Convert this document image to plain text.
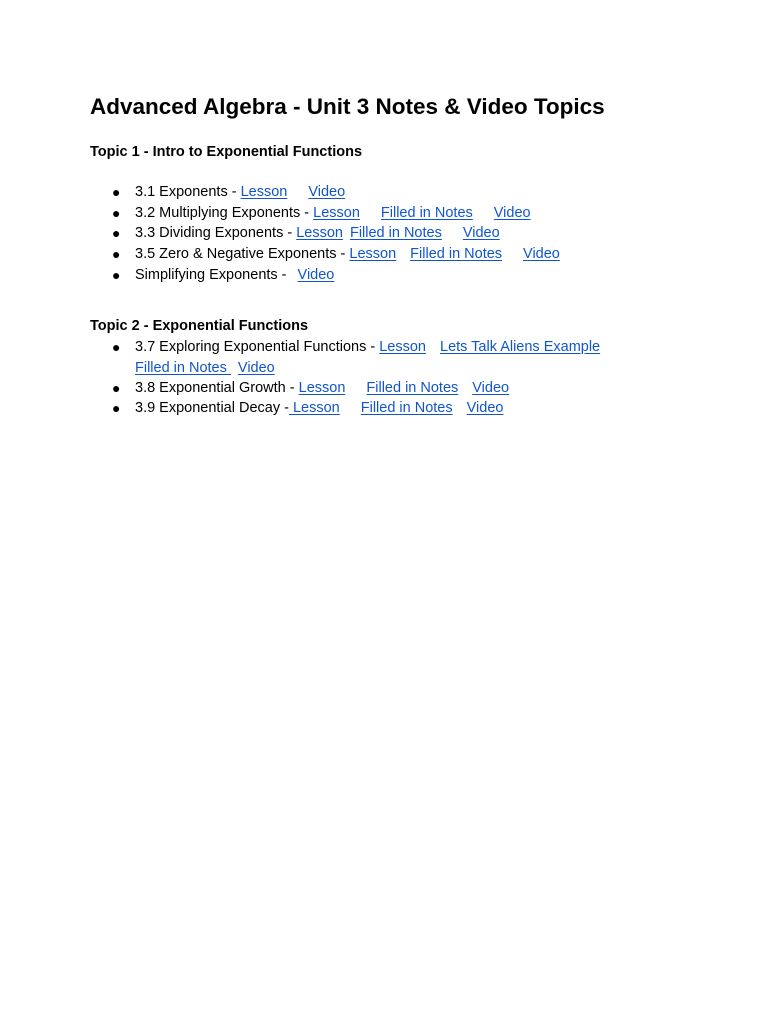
Advanced Algebra - Unit 3 Notes & Video Topics
Topic 1 - Intro to Exponential Functions
● 3.1 Exponents - Lesson Video
● 3.2 Multiplying Exponents - Lesson Filled in Notes Video
● 3.3 Dividing Exponents - Lesson Filled in Notes Video
● 3.5 Zero & Negative Exponents - Lesson Filled in Notes Video
● Simplifying Exponents - Video
Topic 2 - Exponential Functions
● 3.7 Exploring Exponential Functions - Lesson Lets Talk Aliens Example
Filled in Notes Video
● 3.8 Exponential Growth - Lesson Filled in Notes Video
● 3.9 Exponential Decay - Lesson Filled in Notes Video
